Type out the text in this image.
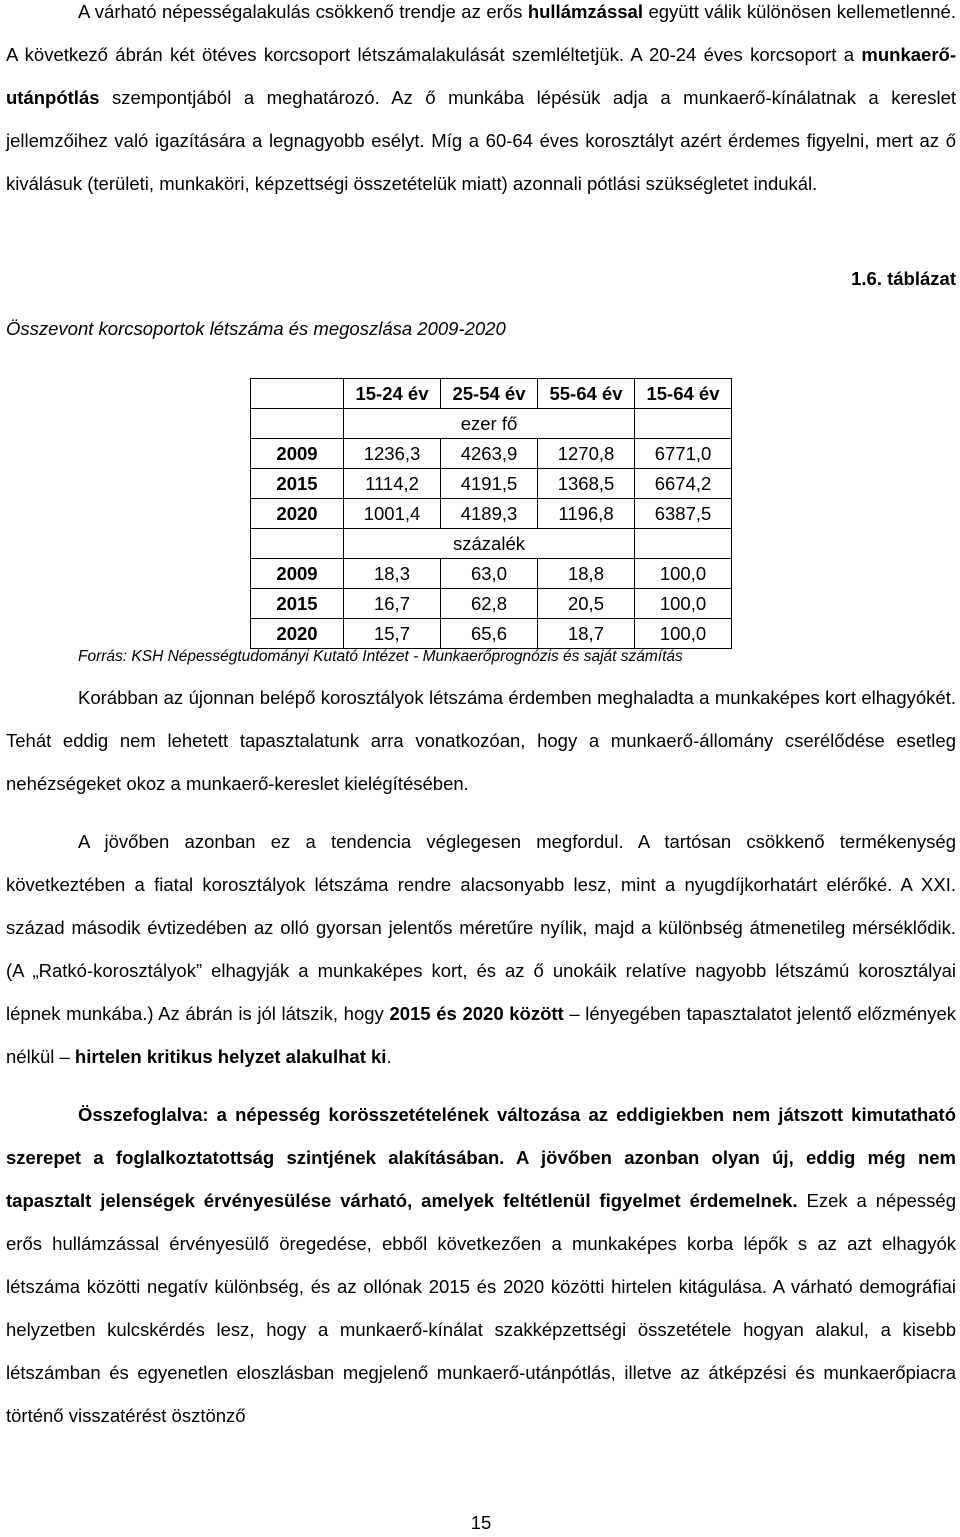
A várható népességalakulás csökkenő trendje az erős hullámzással együtt válik különösen kellemetlenné. A következő ábrán két ötéves korcsoport létszámalakulását szemléltetjük. A 20-24 éves korcsoport a munkaerő-utánpótlás szempontjából a meghatározó. Az ő munkába lépésük adja a munkaerő-kínálatnak a kereslet jellemzőihez való igazítására a legnagyobb esélyt. Míg a 60-64 éves korosztályt azért érdemes figyelni, mert az ő kiválásuk (területi, munkaköri, képzettségi összetételük miatt) azonnali pótlási szükségletet indukál.

1.6. táblázat
Összevont korcsoportok létszáma és megoszlása 2009-2020
	15-24 év	25-54 év	55-64 év	15-64 év
		ezer fő		
2009	1236,3	4263,9	1270,8	6771,0
2015	1114,2	4191,5	1368,5	6674,2
2020	1001,4	4189,3	1196,8	6387,5
		százalék		
2009	18,3	63,0	18,8	100,0
2015	16,7	62,8	20,5	100,0
2020	15,7	65,6	18,7	100,0
Forrás: KSH Népességtudományi Kutató Intézet - Munkaerőprognózis és saját számítás

Korábban az újonnan belépő korosztályok létszáma érdemben meghaladta a munkaképes kort elhagyókét. Tehát eddig nem lehetett tapasztalatunk arra vonatkozóan, hogy a munkaerő-állomány cserélődése esetleg nehézségeket okoz a munkaerő-kereslet kielégítésében.

A jövőben azonban ez a tendencia véglegesen megfordul. A tartósan csökkenő termékenység következtében a fiatal korosztályok létszáma rendre alacsonyabb lesz, mint a nyugdíjkorhatárt elérőké. A XXI. század második évtizedében az olló gyorsan jelentős méretűre nyílik, majd a különbség átmenetileg mérséklődik. (A „Ratkó-korosztályok” elhagyják a munkaképes kort, és az ő unokáik relatíve nagyobb létszámú korosztályai lépnek munkába.) Az ábrán is jól látszik, hogy 2015 és 2020 között – lényegében tapasztalatot jelentő előzmények nélkül – hirtelen kritikus helyzet alakulhat ki.

Összefoglalva: a népesség korösszetételének változása az eddigiekben nem játszott kimutatható szerepet a foglalkoztatottság szintjének alakításában. A jövőben azonban olyan új, eddig még nem tapasztalt jelenségek érvényesülése várható, amelyek feltétlenül figyelmet érdemelnek. Ezek a népesség erős hullámzással érvényesülő öregedése, ebből következően a munkaképes korba lépők s az azt elhagyók létszáma közötti negatív különbség, és az ollónak 2015 és 2020 közötti hirtelen kitágulása. A várható demográfiai helyzetben kulcskérdés lesz, hogy a munkaerő-kínálat szakképzettségi összetétele hogyan alakul, a kisebb létszámban és egyenetlen eloszlásban megjelenő munkaerő-utánpótlás, illetve az átképzési és munkaerőpiacra történő visszatérést ösztönző

15
